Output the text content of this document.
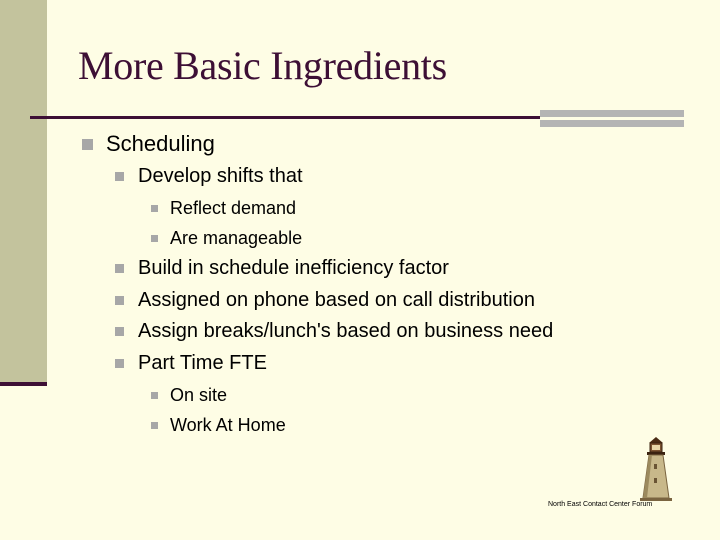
More Basic Ingredients
Scheduling
Develop shifts that
Reflect demand
Are manageable
Build in schedule inefficiency factor
Assigned on phone based on call distribution
Assign breaks/lunch's based on business need
Part Time FTE
On site
Work At Home
North East Contact Center Forum
